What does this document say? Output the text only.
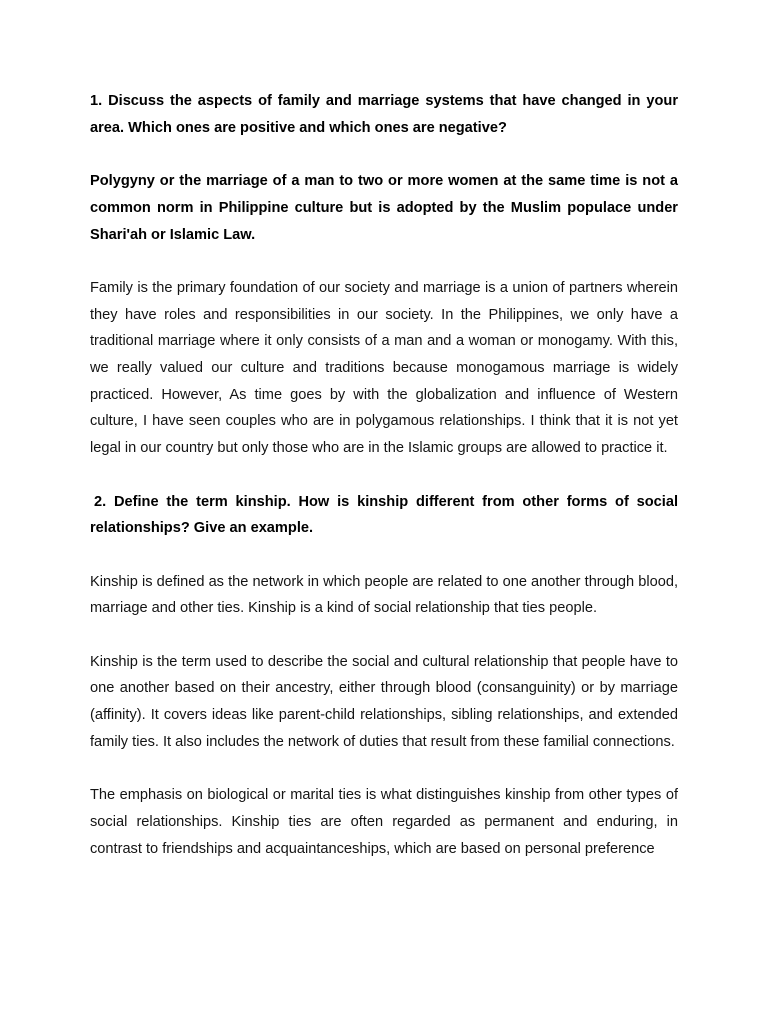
1. Discuss the aspects of family and marriage systems that have changed in your area. Which ones are positive and which ones are negative?

Polygyny or the marriage of a man to two or more women at the same time is not a common norm in Philippine culture but is adopted by the Muslim populace under Shari'ah or Islamic Law.

Family is the primary foundation of our society and marriage is a union of partners wherein they have roles and responsibilities in our society. In the Philippines, we only have a traditional marriage where it only consists of a man and a woman or monogamy. With this, we really valued our culture and traditions because monogamous marriage is widely practiced. However, As time goes by with the globalization and influence of Western culture, I have seen couples who are in polygamous relationships. I think that it is not yet legal in our country but only those who are in the Islamic groups are allowed to practice it.

2. Define the term kinship. How is kinship different from other forms of social relationships? Give an example.

Kinship is defined as the network in which people are related to one another through blood, marriage and other ties. Kinship is a kind of social relationship that ties people.

Kinship is the term used to describe the social and cultural relationship that people have to one another based on their ancestry, either through blood (consanguinity) or by marriage (affinity). It covers ideas like parent-child relationships, sibling relationships, and extended family ties. It also includes the network of duties that result from these familial connections.

The emphasis on biological or marital ties is what distinguishes kinship from other types of social relationships. Kinship ties are often regarded as permanent and enduring, in contrast to friendships and acquaintanceships, which are based on personal preference
